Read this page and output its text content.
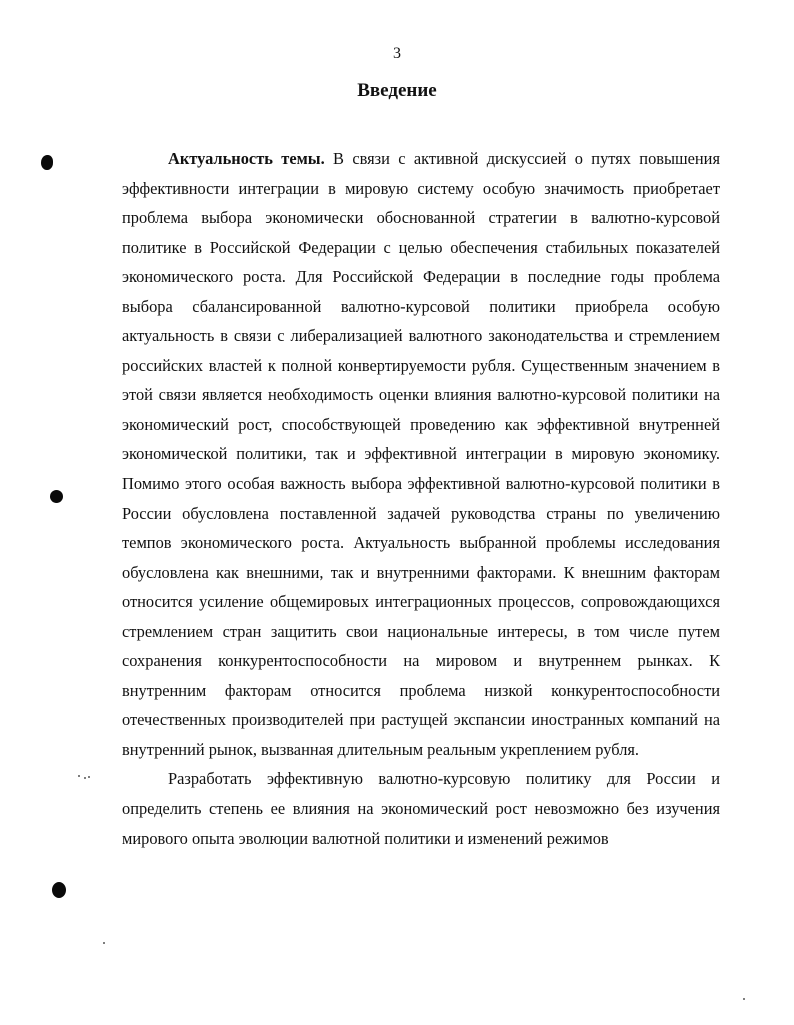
3
Введение

Актуальность темы. В связи с активной дискуссией о путях повышения эффективности интеграции в мировую систему особую значимость приобретает проблема выбора экономически обоснованной стратегии в валютно-курсовой политике в Российской Федерации с целью обеспечения стабильных показателей экономического роста. Для Российской Федерации в последние годы проблема выбора сбалансированной валютно-курсовой политики приобрела особую актуальность в связи с либерализацией валютного законодательства и стремлением российских властей к полной конвертируемости рубля. Существенным значением в этой связи является необходимость оценки влияния валютно-курсовой политики на экономический рост, способствующей проведению как эффективной внутренней экономической политики, так и эффективной интеграции в мировую экономику. Помимо этого особая важность выбора эффективной валютно-курсовой политики в России обусловлена поставленной задачей руководства страны по увеличению темпов экономического роста. Актуальность выбранной проблемы исследования обусловлена как внешними, так и внутренними факторами. К внешним факторам относится усиление общемировых интеграционных процессов, сопровождающихся стремлением стран защитить свои национальные интересы, в том числе путем сохранения конкурентоспособности на мировом и внутреннем рынках. К внутренним факторам относится проблема низкой конкурентоспособности отечественных производителей при растущей экспансии иностранных компаний на внутренний рынок, вызванная длительным реальным укреплением рубля.

Разработать эффективную валютно-курсовую политику для России и определить степень ее влияния на экономический рост невозможно без изучения мирового опыта эволюции валютной политики и изменений режимов
